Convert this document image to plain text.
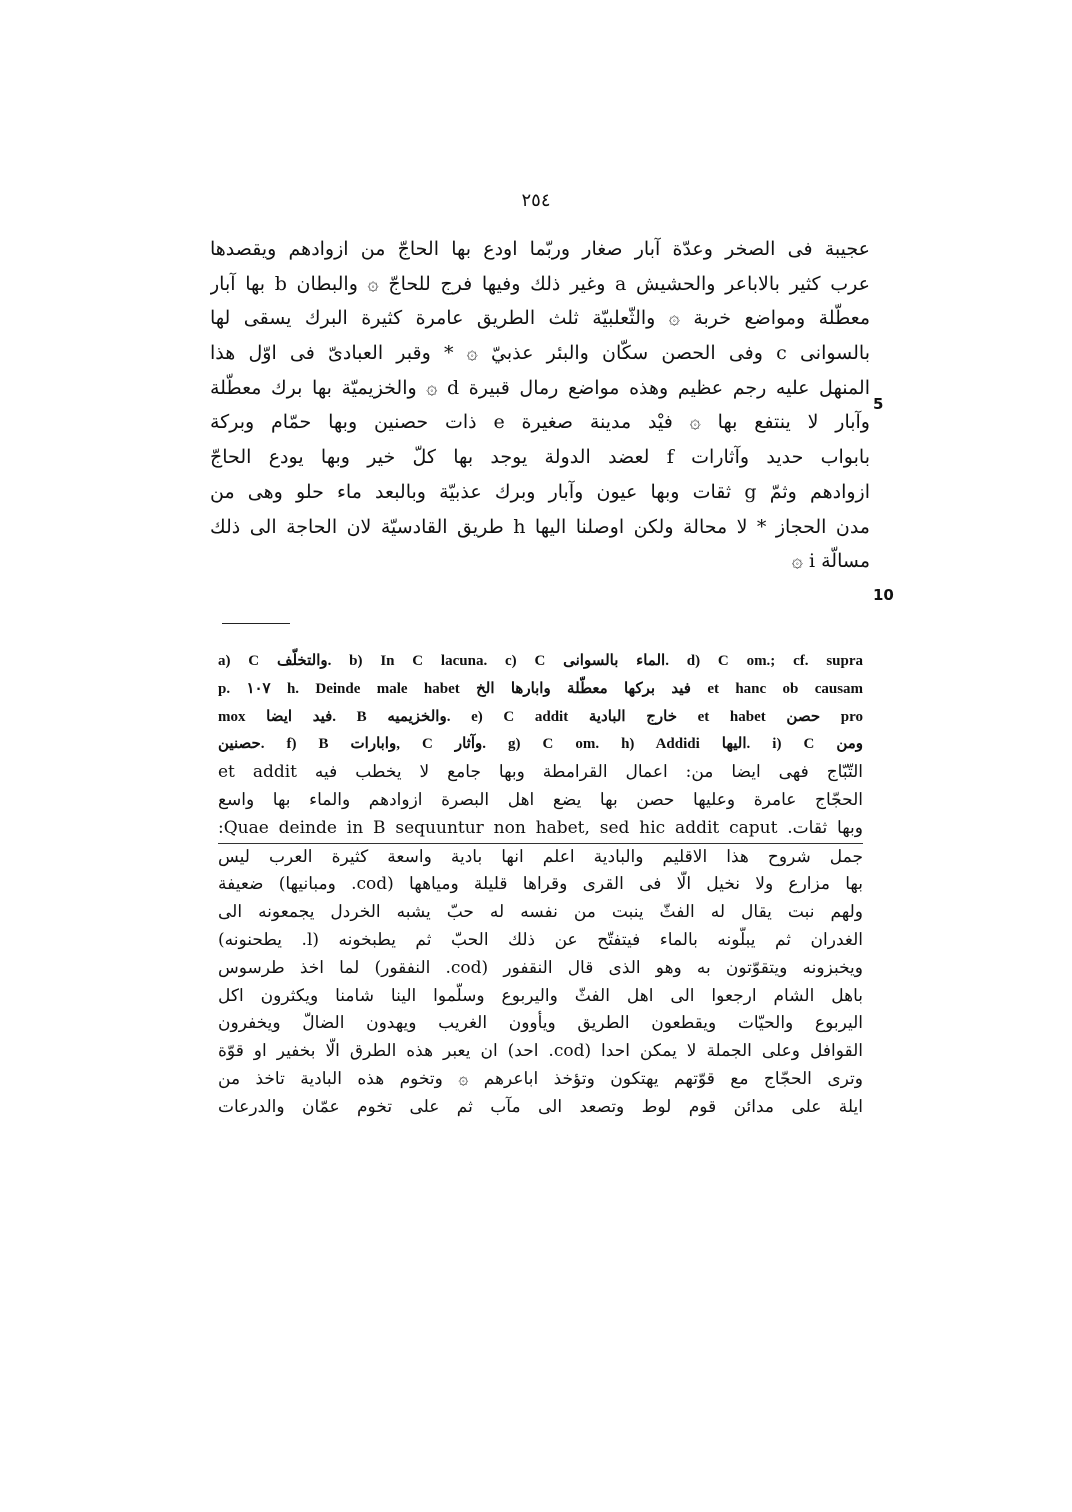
٢٥٤
عجيبة فى الصخر وعدّة آبار صغار وربّما اودع بها الحاجّ من ازوادهم ويقصدها
عرب كثير بالاباعر والحشيش a وغير ذلك وفيها فرج للحاجّ ۞ والبطان b بها آبار
معطّلة ومواضع خربة ۞ والثّعلبيّة ثلث الطريق عامرة كثيرة البرك يسقى لها
بالسوانى c وفى الحصن سكّان والبئر عذبيّ ۞ * وقبر العبادىّ فى اوّل هذا
المنهل عليه رجم عظيم وهذه مواضع رمال قبيرة d ۞ والخزيميّة بها برك معطّلة
وآبار لا ينتفع بها ۞ فيْد مدينة صغيرة e ذات حصنين وبها حمّام وبركة
بابواب حديد وآثارات f لعضد الدولة يوجد بها كلّ خير وبها يودع الحاجّ
ازوادهم وثمّ g ثقات وبها عيون وآبار وبرك عذبيّة وبالبعد ماء حلو وهى من
مدن الحجاز * لا محالة ولكن اوصلنا اليها h طريق القادسيّة لان الحاجة الى ذلك
مسالّة i ۞
5
10
a) C والتخلّف. b) In C lacuna. c) C الماء بالسوانى. d) C om.; cf. supra
p. ١٠٧ h. Deinde male habet فيد بركها معطّلة وابارها الخ et hanc ob causam
mox فيد ايضا. B والخزيميه. e) C addit خارج البادية et habet حصن pro
حصنين. f) B وابارات, C وآثار. g) C om. h) Addidi اليها. i) C ومن
التّبّاج فهى ايضا من: اعمال القرامطة وبها جامع لا يخطب فيه et addit
الحجّاج عامرة وعليها حصن بها يضع اهل البصرة ازوادهم والماء بها واسع
وبها ثقات. Quae deinde in B sequuntur non habet, sed hic addit caput:
جمل شروح هذا الاقليم والبادية اعلم انها بادية واسعة كثيرة العرب ليس
بها مزارع ولا نخيل الّا فى القرى وقراها قليلة ومياهها (cod. ومبانيها) ضعيفة
ولهم نبت يقال له الفثّ ينبت من نفسه له حبّ يشبه الخردل يجمعونه الى
الغدران ثم يبلّونه بالماء فيتفتّح عن ذلك الحبّ ثم يطبخونه (l. يطحنونه)
ويخبزونه ويتقوّتون به وهو الذى قال النقفور (cod. النفقور) لما اخذ طرسوس
باهل الشام ارجعوا الى اهل الفثّ واليربوع وسلّموا الينا شامنا ويكثرون اكل
اليربوع والحيّات ويقطعون الطريق ويأوون الغريب ويهدون الضالّ ويخفرون
القوافل وعلى الجملة لا يمكن احدا (cod. احد) ان يعبر هذه الطرق الّا بخفير او قوّة
وترى الحجّاج مع قوّتهم يهتكون وتؤخذ اباعرهم ۞ وتخوم هذه البادية تاخذ من
ايلة على مدائن قوم لوط وتصعد الى مآب ثم على تخوم عمّان والدرعات
